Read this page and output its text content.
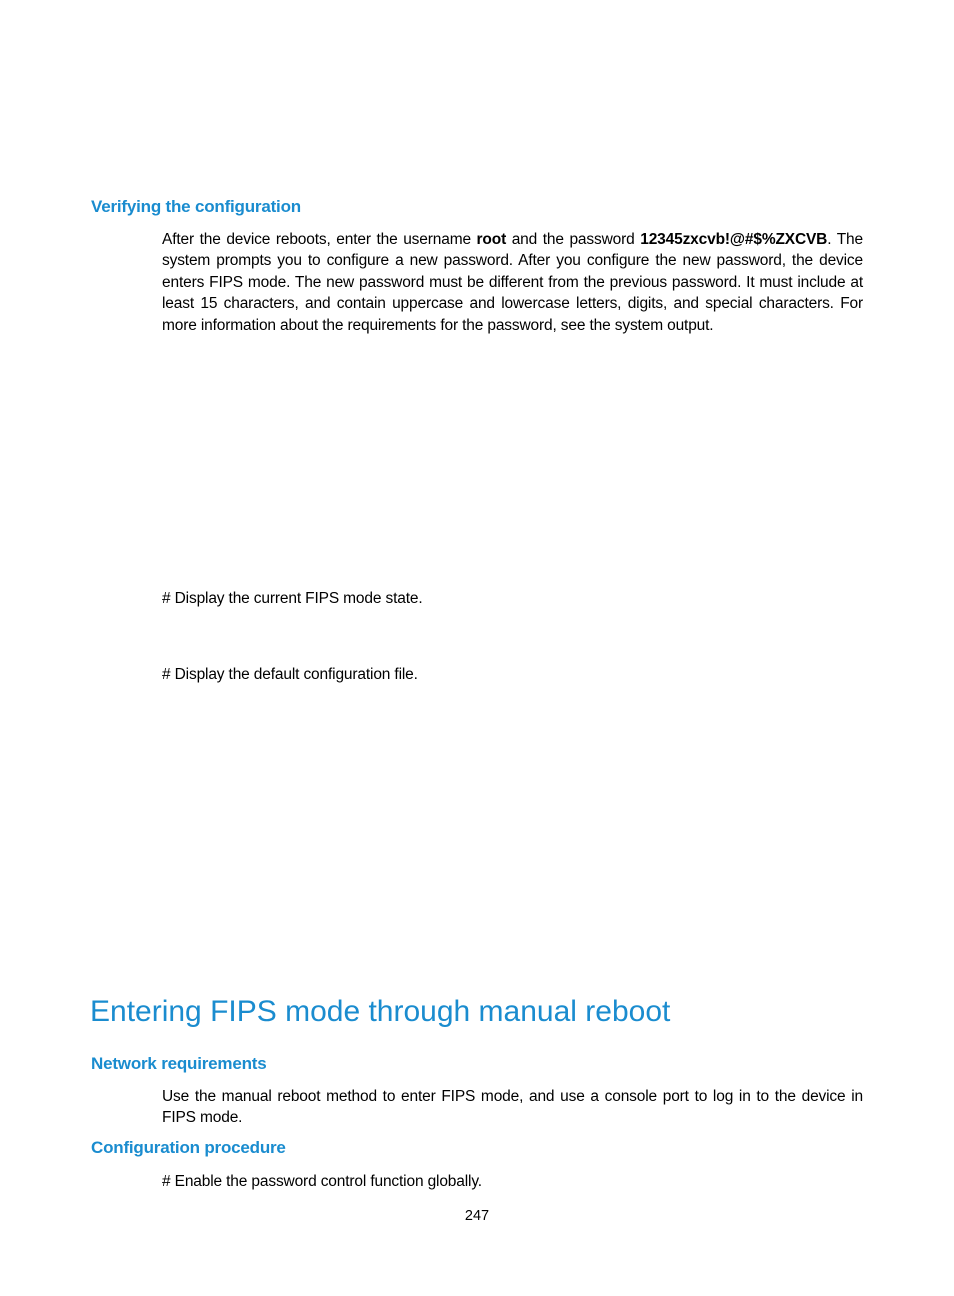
Verifying the configuration

After the device reboots, enter the username root and the password 12345zxcvb!@#$%ZXCVB. The system prompts you to configure a new password. After you configure the new password, the device enters FIPS mode. The new password must be different from the previous password. It must include at least 15 characters, and contain uppercase and lowercase letters, digits, and special characters. For more information about the requirements for the password, see the system output.

# Display the current FIPS mode state.

# Display the default configuration file.

Entering FIPS mode through manual reboot
Network requirements

Use the manual reboot method to enter FIPS mode, and use a console port to log in to the device in FIPS mode.

Configuration procedure

# Enable the password control function globally.

247
